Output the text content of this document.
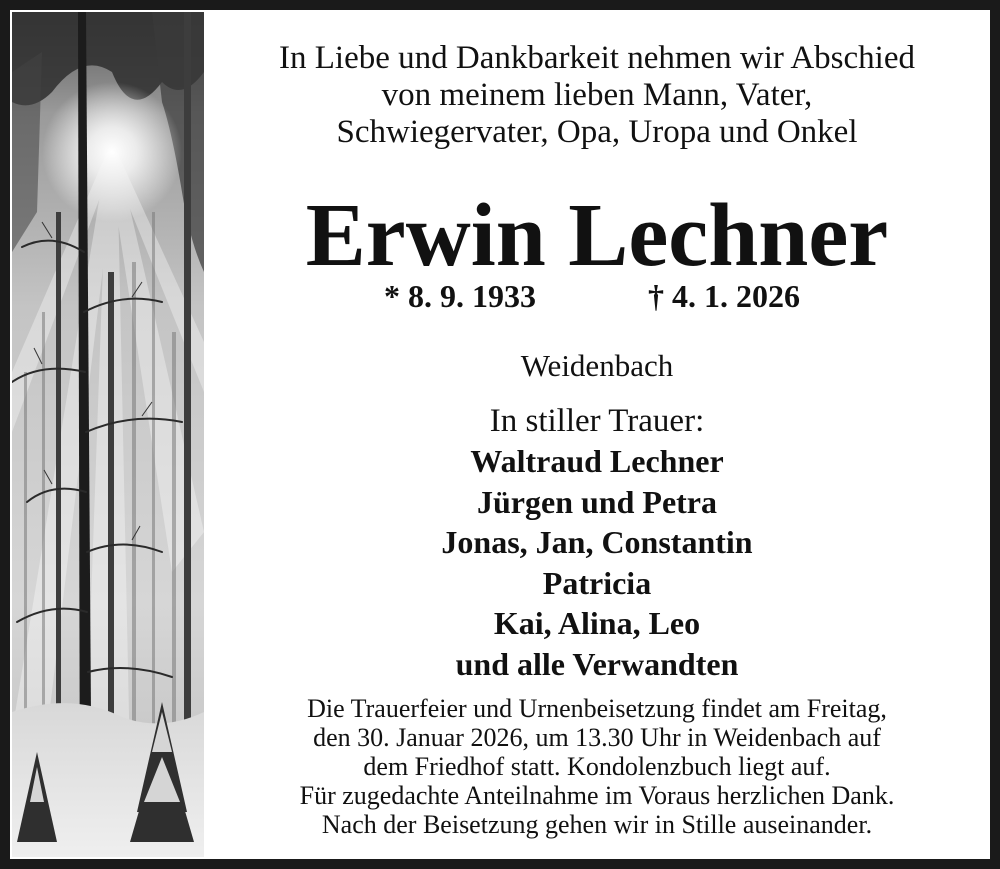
In Liebe und Dankbarkeit nehmen wir Abschied
von meinem lieben Mann, Vater,
Schwiegervater, Opa, Uropa und Onkel
Erwin Lechner
* 8. 9. 1933	† 4. 1. 2026
Weidenbach
In stiller Trauer:
Waltraud Lechner
Jürgen und Petra
Jonas, Jan, Constantin
Patricia
Kai, Alina, Leo
und alle Verwandten
Die Trauerfeier und Urnenbeisetzung findet am Freitag,
den 30. Januar 2026, um 13.30 Uhr in Weidenbach auf
dem Friedhof statt. Kondolenzbuch liegt auf.
Für zugedachte Anteilnahme im Voraus herzlichen Dank.
Nach der Beisetzung gehen wir in Stille auseinander.
